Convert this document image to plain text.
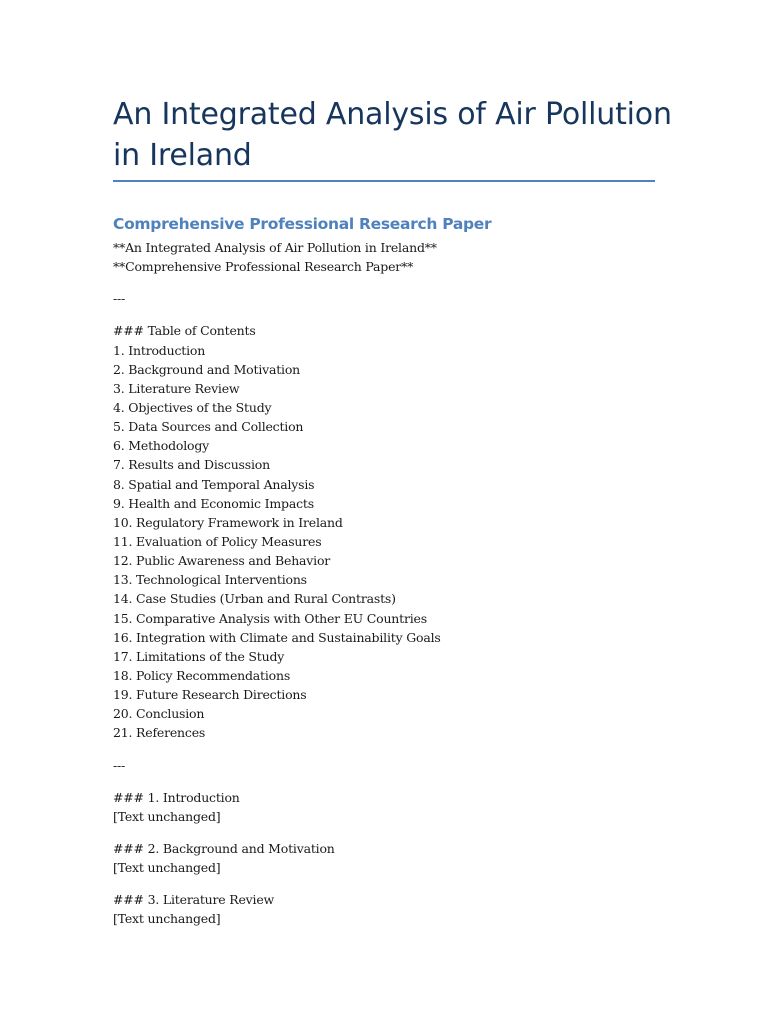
An Integrated Analysis of Air Pollution in Ireland
Comprehensive Professional Research Paper
**An Integrated Analysis of Air Pollution in Ireland**
**Comprehensive Professional Research Paper**
---
### Table of Contents
1. Introduction
2. Background and Motivation
3. Literature Review
4. Objectives of the Study
5. Data Sources and Collection
6. Methodology
7. Results and Discussion
8. Spatial and Temporal Analysis
9. Health and Economic Impacts
10. Regulatory Framework in Ireland
11. Evaluation of Policy Measures
12. Public Awareness and Behavior
13. Technological Interventions
14. Case Studies (Urban and Rural Contrasts)
15. Comparative Analysis with Other EU Countries
16. Integration with Climate and Sustainability Goals
17. Limitations of the Study
18. Policy Recommendations
19. Future Research Directions
20. Conclusion
21. References
---
### 1. Introduction
[Text unchanged]
### 2. Background and Motivation
[Text unchanged]
### 3. Literature Review
[Text unchanged]
